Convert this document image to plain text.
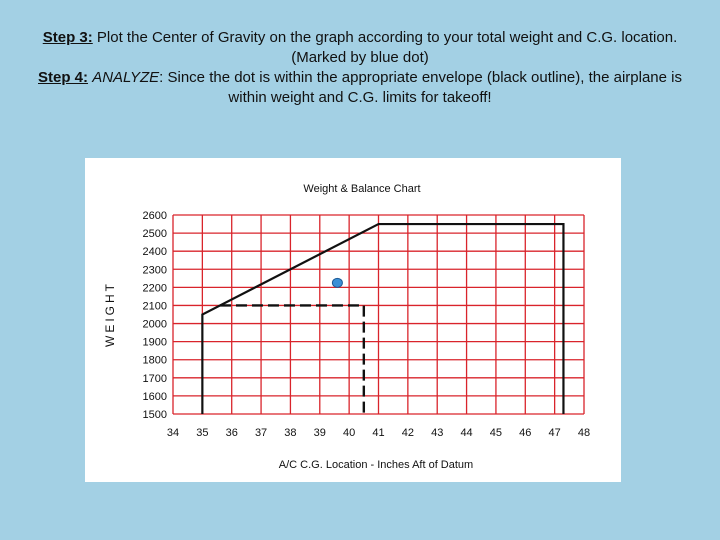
Step 3: Plot the Center of Gravity on the graph according to your total weight and C.G. location.
(Marked by blue dot)
Step 4: ANALYZE: Since the dot is within the appropriate envelope (black outline), the airplane is
within weight and C.G. limits for takeoff!
Weight & Balance Chart
1500
1600
1700
1800
1900
2000
2100
2200
2300
2400
2500
2600
34 35 36 37 38 39 40 41 42 43 44 45 46 47 48
WEIGHT
A/C C.G. Location - Inches Aft of Datum
